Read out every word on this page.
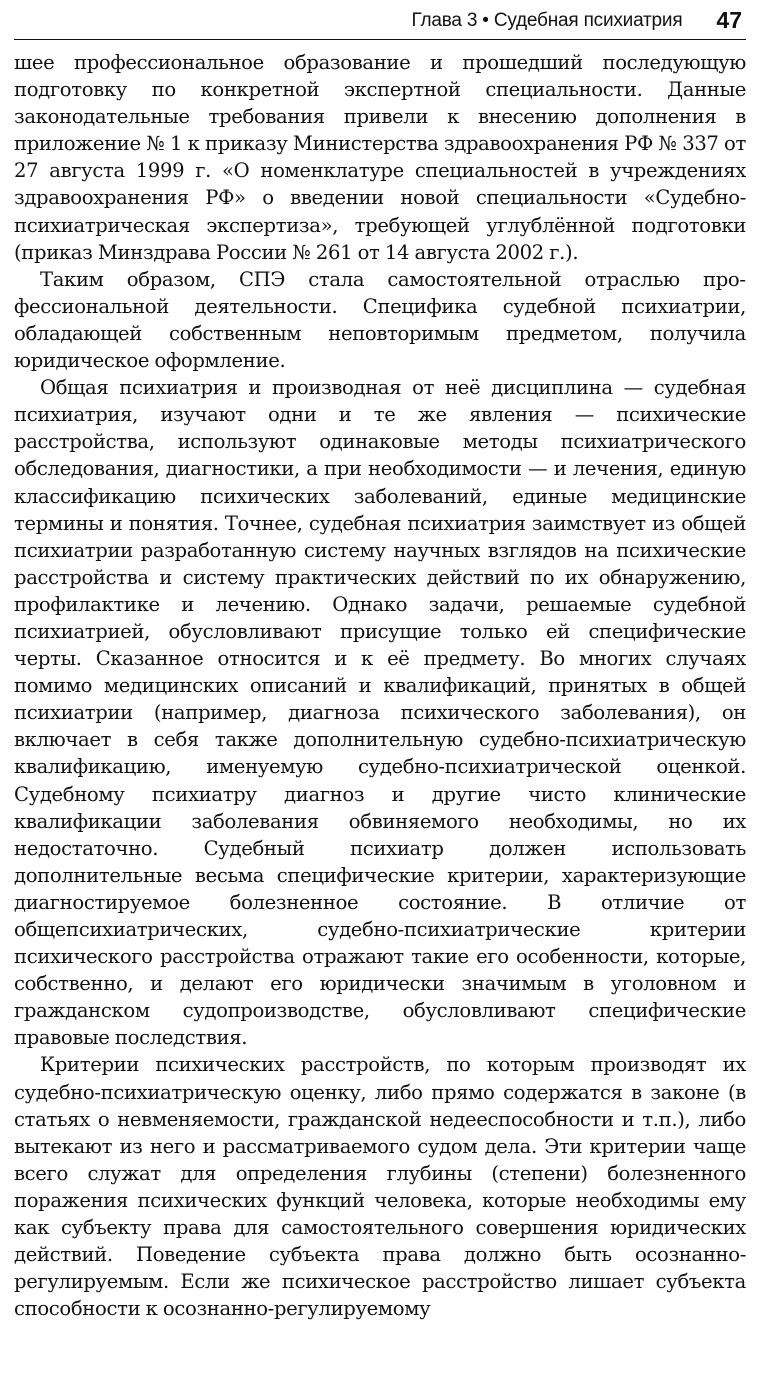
Глава 3 • Судебная психиатрия 47

шее профессиональное образование и прошедший последующую подготовку по конкретной экспертной специальности. Данные законодательные требования привели к внесению дополнения в приложение № 1 к приказу Министерства здравоохранения РФ № 337 от 27 августа 1999 г. «О номенклатуре специальностей в учреждениях здравоохранения РФ» о введении новой специальности «Судебно-психиатрическая экспертиза», требующей углублённой подготовки (приказ Минздрава России № 261 от 14 августа 2002 г.).

Таким образом, СПЭ стала самостоятельной отраслью профессиональной деятельности. Специфика судебной психиатрии, обладающей собственным неповторимым предметом, получила юридическое оформление.

Общая психиатрия и производная от неё дисциплина — судебная психиатрия, изучают одни и те же явления — психические расстройства, используют одинаковые методы психиатрического обследования, диагностики, а при необходимости — и лечения, единую классификацию психических заболеваний, единые медицинские термины и понятия. Точнее, судебная психиатрия заимствует из общей психиатрии разработанную систему научных взглядов на психические расстройства и систему практических действий по их обнаружению, профилактике и лечению. Однако задачи, решаемые судебной психиатрией, обусловливают присущие только ей специфические черты. Сказанное относится и к её предмету. Во многих случаях помимо медицинских описаний и квалификаций, принятых в общей психиатрии (например, диагноза психического заболевания), он включает в себя также дополнительную судебно-психиатрическую квалификацию, именуемую судебно-психиатрической оценкой. Судебному психиатру диагноз и другие чисто клинические квалификации заболевания обвиняемого необходимы, но их недостаточно. Судебный психиатр должен использовать дополнительные весьма специфические критерии, характеризующие диагностируемое болезненное состояние. В отличие от общепсихиатрических, судебно-психиатрические критерии психического расстройства отражают такие его особенности, которые, собственно, и делают его юридически значимым в уголовном и гражданском судопроизводстве, обусловливают специфические правовые последствия.

Критерии психических расстройств, по которым производят их судебно-психиатрическую оценку, либо прямо содержатся в законе (в статьях о невменяемости, гражданской недееспособности и т.п.), либо вытекают из него и рассматриваемого судом дела. Эти критерии чаще всего служат для определения глубины (степени) болезненного поражения психических функций человека, которые необходимы ему как субъекту права для самостоятельного совершения юридических действий. Поведение субъекта права должно быть осознанно-регулируемым. Если же психическое расстройство лишает субъекта способности к осознанно-регулируемому
